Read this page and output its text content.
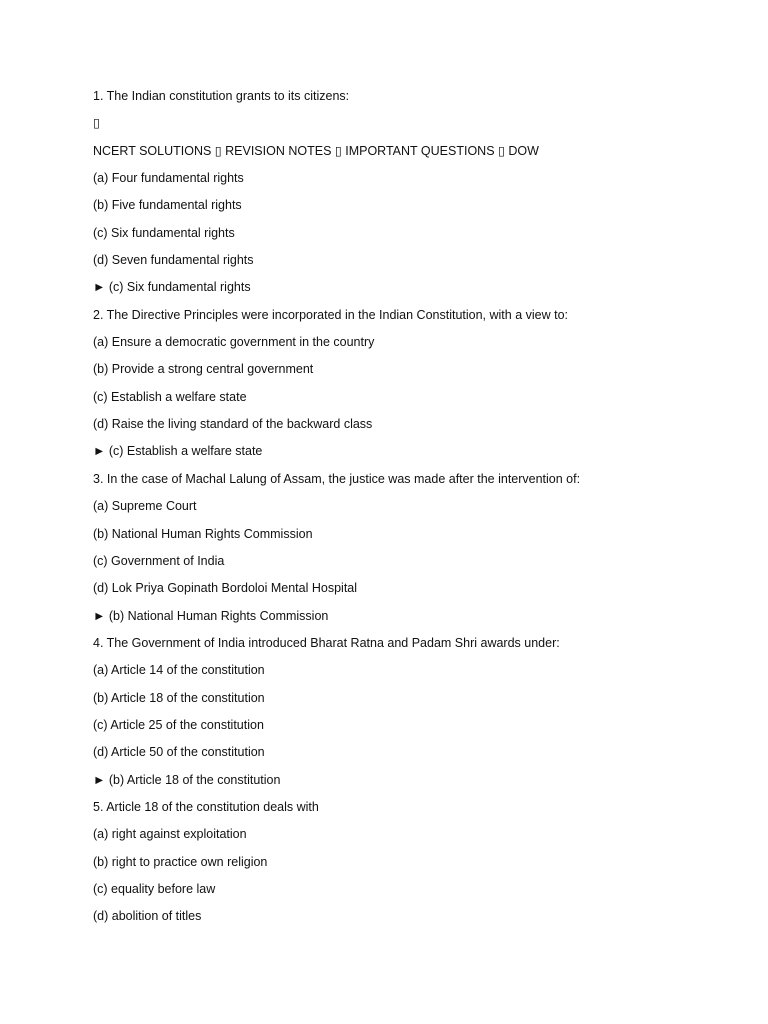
1. The Indian constitution grants to its citizens:
▯
NCERT SOLUTIONS ▯ REVISION NOTES ▯ IMPORTANT QUESTIONS ▯ DOW
(a) Four fundamental rights
(b) Five fundamental rights
(c) Six fundamental rights
(d) Seven fundamental rights
► (c) Six fundamental rights
2. The Directive Principles were incorporated in the Indian Constitution, with a view to:
(a) Ensure a democratic government in the country
(b) Provide a strong central government
(c) Establish a welfare state
(d) Raise the living standard of the backward class
► (c) Establish a welfare state
3. In the case of Machal Lalung of Assam, the justice was made after the intervention of:
(a) Supreme Court
(b) National Human Rights Commission
(c) Government of India
(d) Lok Priya Gopinath Bordoloi Mental Hospital
► (b) National Human Rights Commission
4. The Government of India introduced Bharat Ratna and Padam Shri awards under:
(a) Article 14 of the constitution
(b) Article 18 of the constitution
(c) Article 25 of the constitution
(d) Article 50 of the constitution
► (b) Article 18 of the constitution
5. Article 18 of the constitution deals with
(a) right against exploitation
(b) right to practice own religion
(c) equality before law
(d) abolition of titles
